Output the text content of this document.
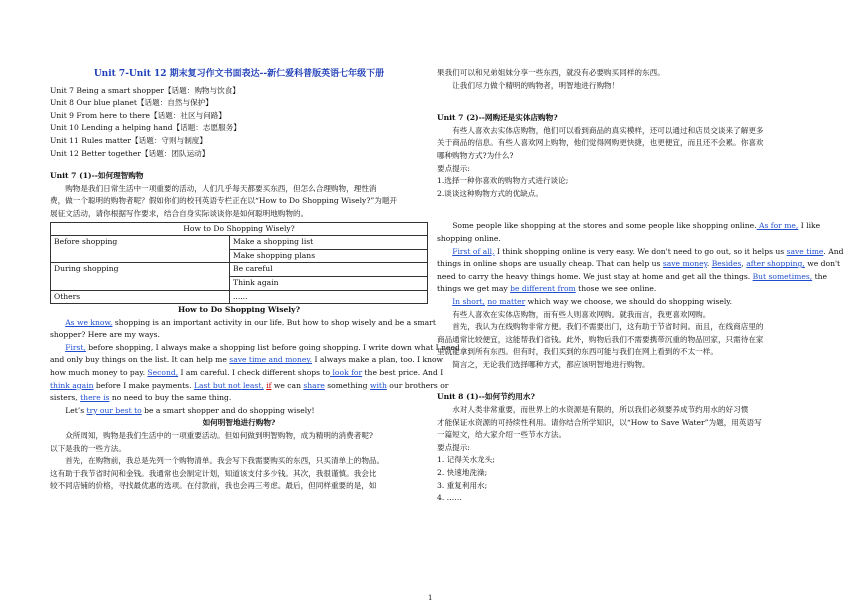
Unit 7-Unit 12 期末复习作文书面表达--新仁爱科普版英语七年级下册
Unit 7 Being a smart shopper【话题：购物与饮食】
Unit 8 Our blue planet【话题：自然与保护】
Unit 9 From here to there【话题：社区与问路】
Unit 10 Lending a helping hand【话题：志愿服务】
Unit 11 Rules matter【话题：守则与制度】
Unit 12 Better together【话题：团队运动】
Unit 7 (1)--如何理智购物
购物是我们日常生活中一项重要的活动，人们几乎每天都要买东西，但怎么合理购物，理性消
费，做一个聪明的购物者呢？假如你们的校刊英语专栏正在以“How to Do Shopping Wisely?”为题开
展征文活动，请你根据写作要求，结合自身实际谈谈你是如何聪明地购物的。
How to Do Shopping Wisely?	
Before shopping	Make a shopping list
	Make shopping plans
During shopping	Be careful
	Think again
Others	......
How to Do Shopping Wisely?
As we know, shopping is an important activity in our life. But how to shop wisely and be a smart
shopper? Here are my ways.
First, before shopping, I always make a shopping list before going shopping. I write down what I need
and only buy things on the list. It can help me save time and money. I always make a plan, too. I know
how much money to pay. Second, I am careful. I check different shops to look for the best price. And I
think again before I make payments. Last but not least, if we can share something with our brothers or
sisters, there is no need to buy the same thing.
Let’s try our best to be a smart shopper and do shopping wisely!
如何明智地进行购物?
众所周知，购物是我们生活中的一项重要活动。但如何做到明智购物，成为精明的消费者呢?
以下是我的一些方法。
首先，在购物前，我总是先列一个购物清单。我会写下我需要购买的东西，只买清单上的物品。
这有助于我节省时间和金钱。我通常也会制定计划，知道该支付多少钱。其次，我很谨慎。我会比
较不同店铺的价格，寻找最优惠的选项。在付款前，我也会再三考虑。最后，但同样重要的是，如
果我们可以和兄弟姐妹分享一些东西，就没有必要购买同样的东西。
让我们尽力做个精明的购物者，明智地进行购物！
Unit 7 (2)--网购还是实体店购物?
有些人喜欢去实体店购物，他们可以看到商品的真实模样，还可以通过和店员交谈来了解更多
关于商品的信息。有些人喜欢网上购物，他们觉得网购更快捷，也更便宜，而且还不会累。你喜欢
哪种购物方式?为什么?
要点提示:
1.选择一种你喜欢的购物方式进行谈论;
2.谈谈这种购物方式的优缺点。
Some people like shopping at the stores and some people like shopping online. As for me, I like
shopping online.
First of all, I think shopping online is very easy. We don't need to go out, so it helps us save time. And
things in online shops are usually cheap. That can help us save money. Besides, after shopping, we don't
need to carry the heavy things home. We just stay at home and get all the things. But sometimes, the
things we get may be different from those we see online.
In short, no matter which way we choose, we should do shopping wisely.
有些人喜欢在实体店购物，而有些人则喜欢网购。就我而言，我更喜欢网购。
首先，我认为在线购物非常方便。我们不需要出门，这有助于节省时间。而且，在线商店里的
商品通常比较便宜，这能帮我们省钱。此外，购物后我们不需要携带沉重的物品回家，只需待在家
里就能拿到所有东西。但有时，我们买到的东西可能与我们在网上看到的不太一样。
简言之，无论我们选择哪种方式，都应该明智地进行购物。
Unit 8 (1)--如何节约用水?
水对人类非常重要，而世界上的水资源是有限的，所以我们必须要养成节约用水的好习惯
才能保证水资源的可持续性利用。请你结合所学知识，以“How to Save Water”为题，用英语写
一篇短文，给大家介绍一些节水方法。
要点提示:
1. 记得关水龙头;
2. 快速地洗澡;
3. 重复利用水;
4. ……
1
